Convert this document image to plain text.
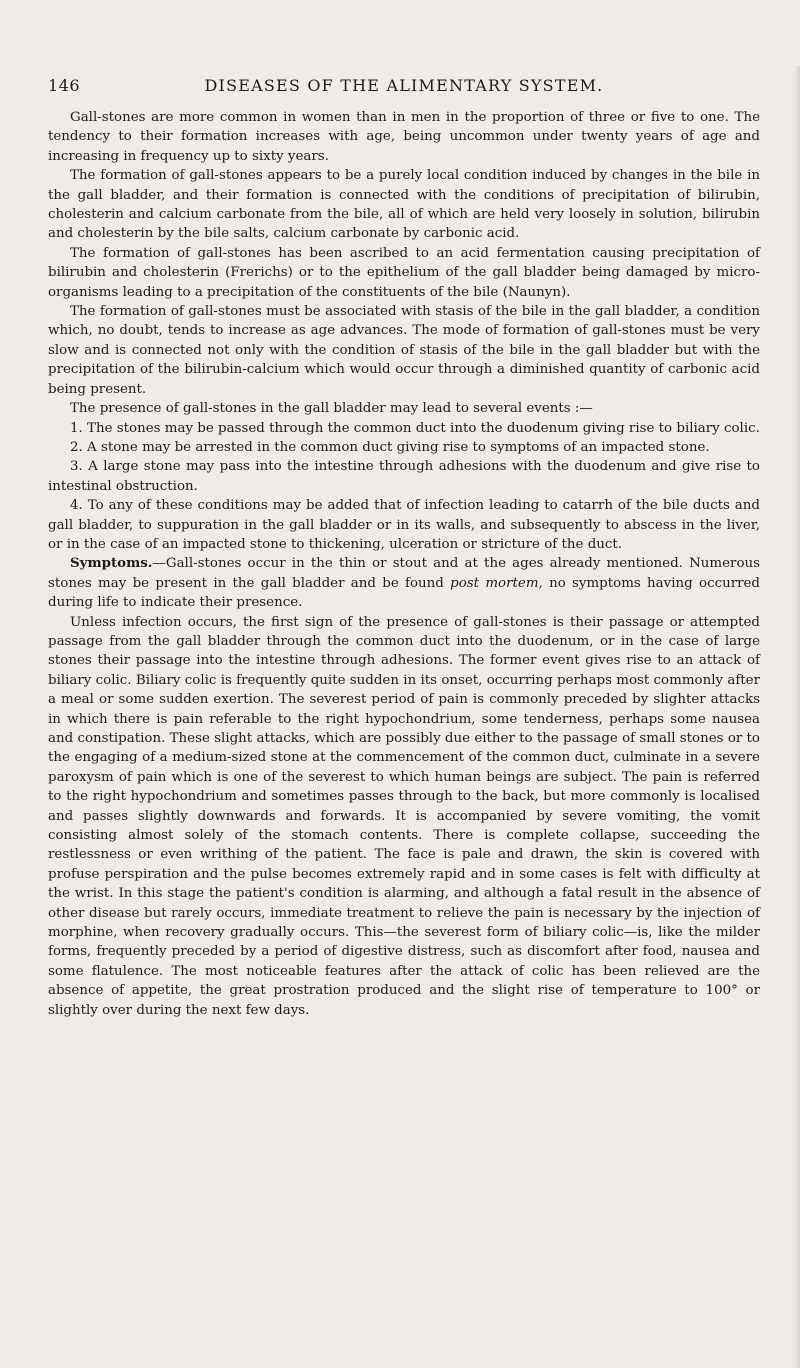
146	DISEASES OF THE ALIMENTARY SYSTEM.

Gall-stones are more common in women than in men in the proportion of three or five to one. The tendency to their formation increases with age, being uncommon under twenty years of age and increasing in frequency up to sixty years.

The formation of gall-stones appears to be a purely local condition induced by changes in the bile in the gall bladder, and their formation is connected with the conditions of precipitation of bilirubin, cholesterin and calcium carbonate from the bile, all of which are held very loosely in solution, bilirubin and cholesterin by the bile salts, calcium carbonate by carbonic acid.

The formation of gall-stones has been ascribed to an acid fermentation causing precipitation of bilirubin and cholesterin (Frerichs) or to the epithelium of the gall bladder being damaged by micro-organisms leading to a precipitation of the constituents of the bile (Naunyn).

The formation of gall-stones must be associated with stasis of the bile in the gall bladder, a condition which, no doubt, tends to increase as age advances. The mode of formation of gall-stones must be very slow and is connected not only with the condition of stasis of the bile in the gall bladder but with the precipitation of the bilirubin-calcium which would occur through a diminished quantity of carbonic acid being present.

The presence of gall-stones in the gall bladder may lead to several events :—

1. The stones may be passed through the common duct into the duodenum giving rise to biliary colic.

2. A stone may be arrested in the common duct giving rise to symptoms of an impacted stone.

3. A large stone may pass into the intestine through adhesions with the duodenum and give rise to intestinal obstruction.

4. To any of these conditions may be added that of infection leading to catarrh of the bile ducts and gall bladder, to suppuration in the gall bladder or in its walls, and subsequently to abscess in the liver, or in the case of an impacted stone to thickening, ulceration or stricture of the duct.

Symptoms.—Gall-stones occur in the thin or stout and at the ages already mentioned. Numerous stones may be present in the gall bladder and be found post mortem, no symptoms having occurred during life to indicate their presence.

Unless infection occurs, the first sign of the presence of gall-stones is their passage or attempted passage from the gall bladder through the common duct into the duodenum, or in the case of large stones their passage into the intestine through adhesions. The former event gives rise to an attack of biliary colic. Biliary colic is frequently quite sudden in its onset, occurring perhaps most commonly after a meal or some sudden exertion. The severest period of pain is commonly preceded by slighter attacks in which there is pain referable to the right hypochondrium, some tenderness, perhaps some nausea and constipation. These slight attacks, which are possibly due either to the passage of small stones or to the engaging of a medium-sized stone at the commencement of the common duct, culminate in a severe paroxysm of pain which is one of the severest to which human beings are subject. The pain is referred to the right hypochondrium and sometimes passes through to the back, but more commonly is localised and passes slightly downwards and forwards. It is accompanied by severe vomiting, the vomit consisting almost solely of the stomach contents. There is complete collapse, succeeding the restlessness or even writhing of the patient. The face is pale and drawn, the skin is covered with profuse perspiration and the pulse becomes extremely rapid and in some cases is felt with difficulty at the wrist. In this stage the patient's condition is alarming, and although a fatal result in the absence of other disease but rarely occurs, immediate treatment to relieve the pain is necessary by the injection of morphine, when recovery gradually occurs. This—the severest form of biliary colic—is, like the milder forms, frequently preceded by a period of digestive distress, such as discomfort after food, nausea and some flatulence. The most noticeable features after the attack of colic has been relieved are the absence of appetite, the great prostration produced and the slight rise of temperature to 100° or slightly over during the next few days.
